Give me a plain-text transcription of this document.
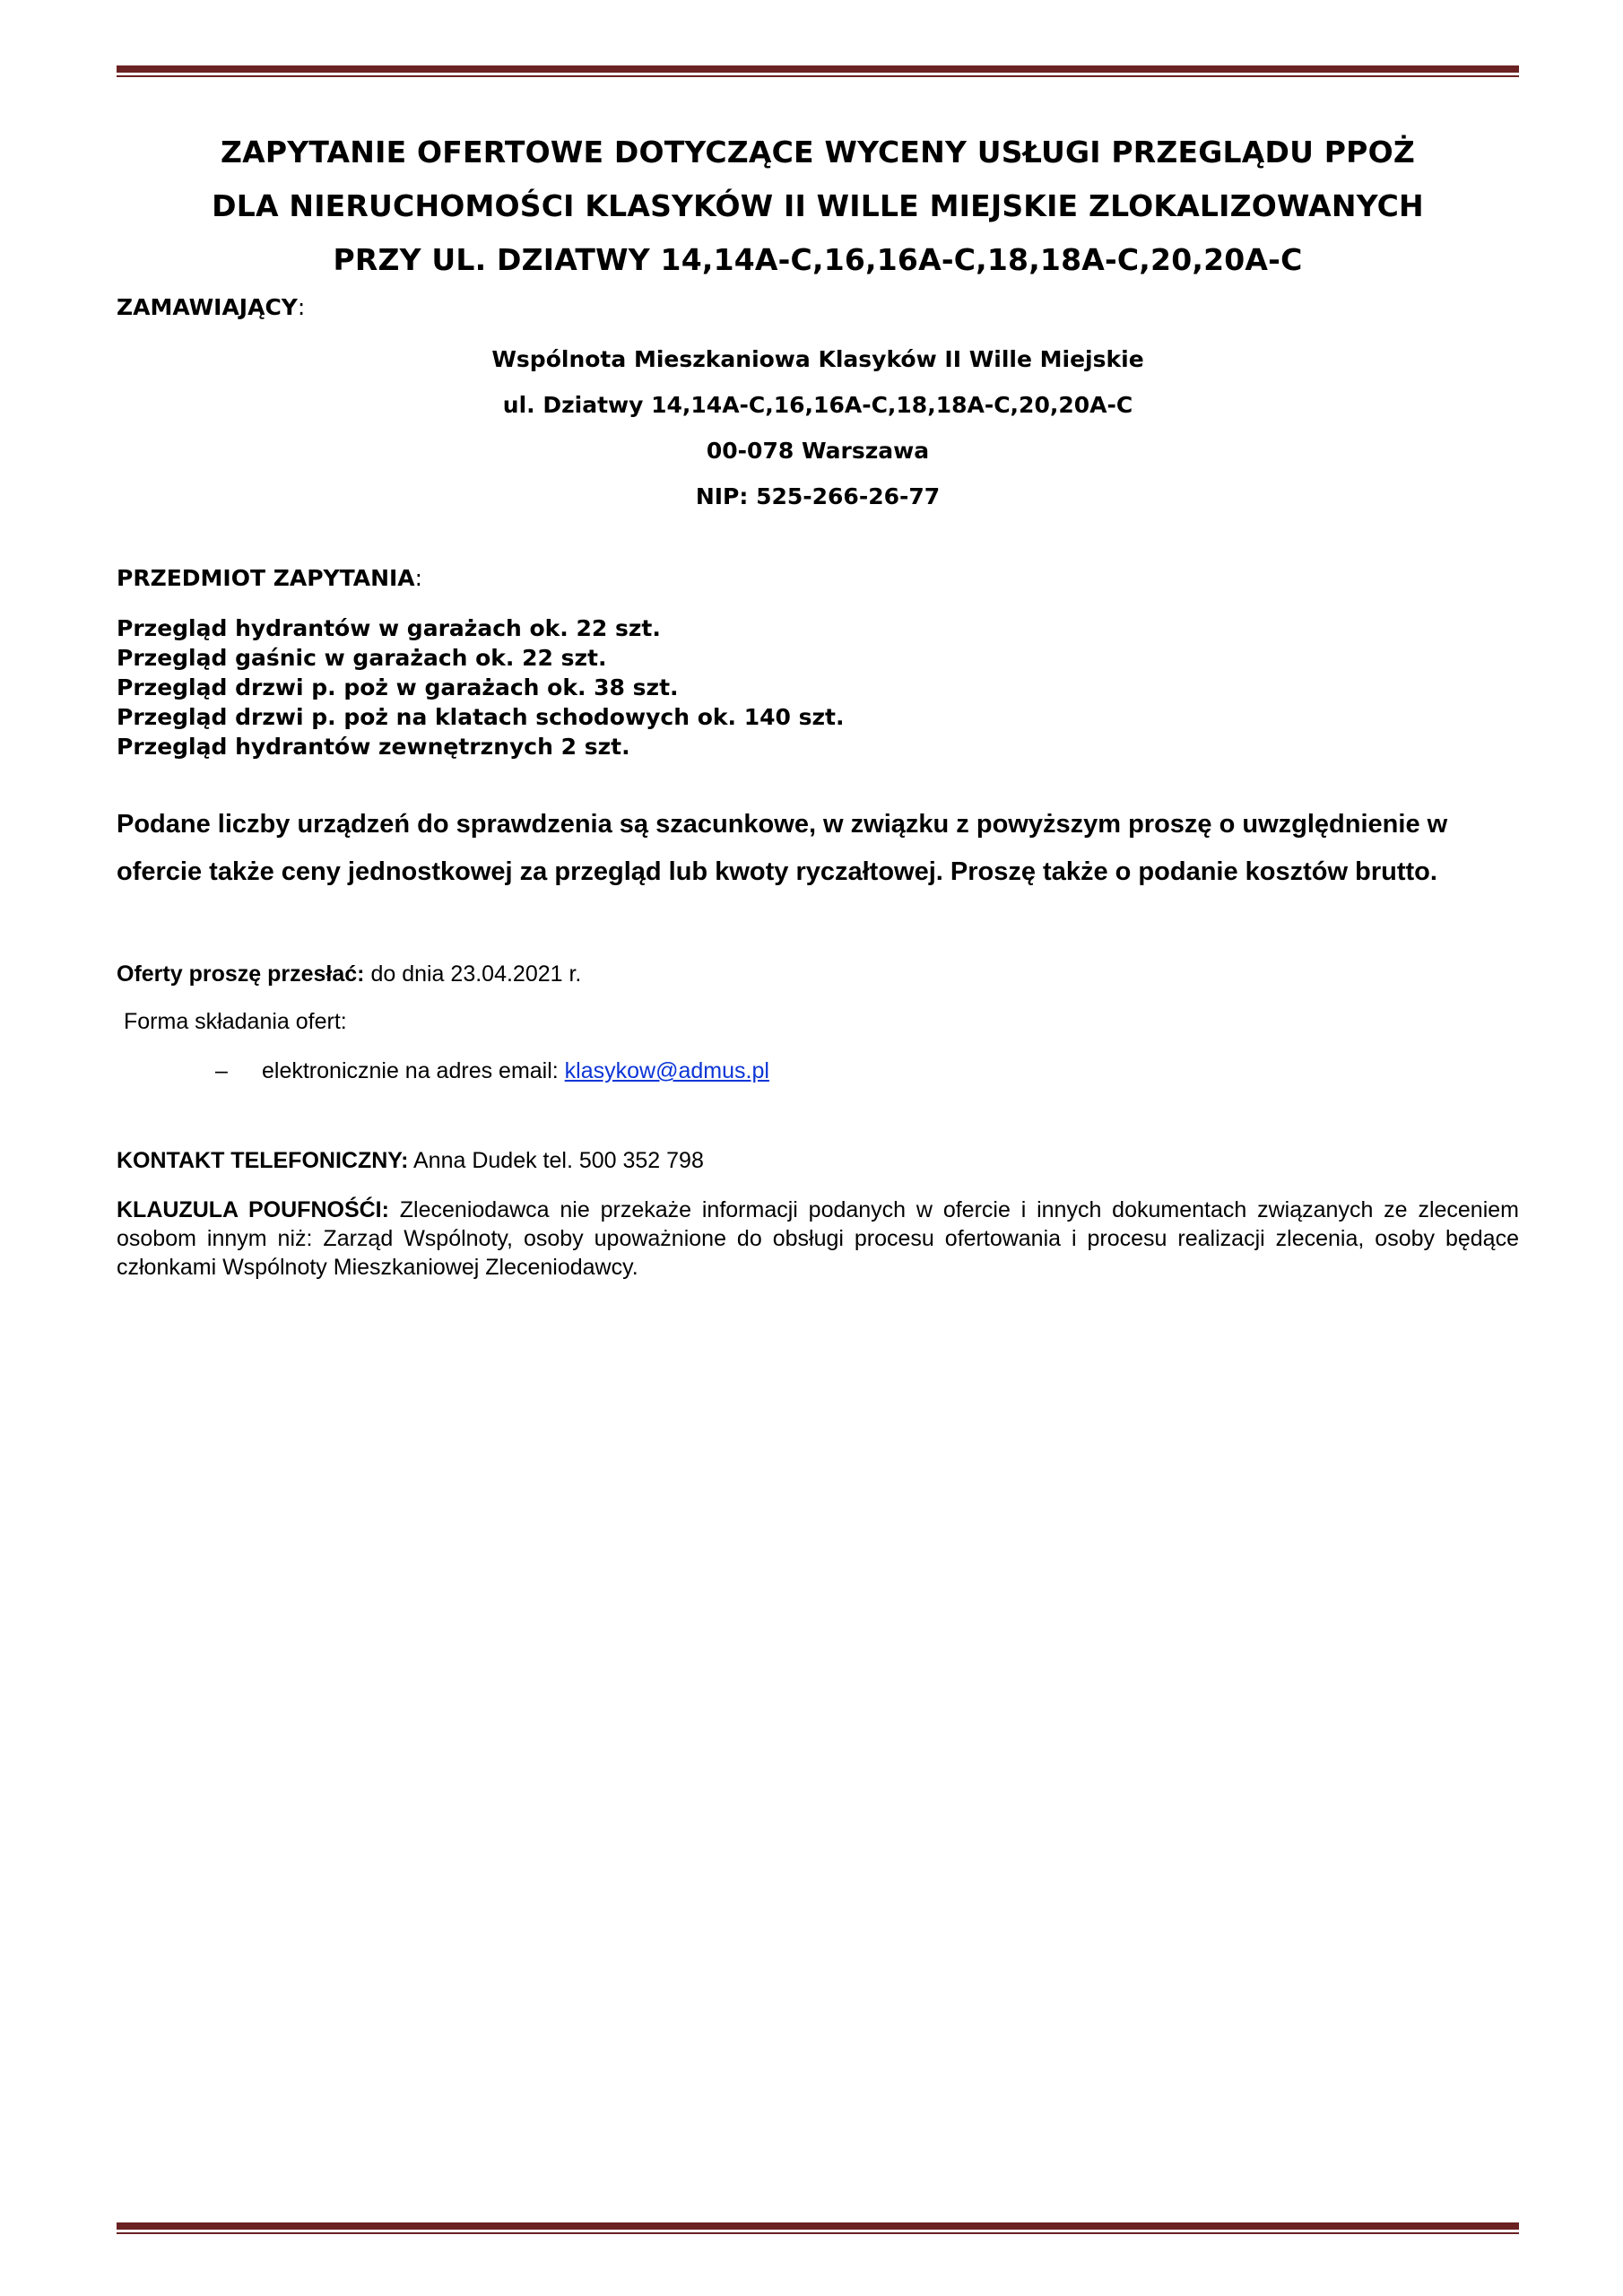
ZAPYTANIE OFERTOWE DOTYCZĄCE WYCENY USŁUGI PRZEGLĄDU PPOŻ
DLA NIERUCHOMOŚCI KLASYKÓW II WILLE MIEJSKIE ZLOKALIZOWANYCH
PRZY UL. DZIATWY 14,14A-C,16,16A-C,18,18A-C,20,20A-C
ZAMAWIAJĄCY:
Wspólnota Mieszkaniowa Klasyków II Wille Miejskie
ul. Dziatwy 14,14A-C,16,16A-C,18,18A-C,20,20A-C
00-078 Warszawa
NIP: 525-266-26-77
PRZEDMIOT ZAPYTANIA:
Przegląd hydrantów w garażach ok. 22 szt.
Przegląd gaśnic w garażach ok. 22 szt.
Przegląd drzwi p. poż w garażach ok. 38 szt.
Przegląd drzwi p. poż na klatach schodowych ok. 140 szt.
Przegląd hydrantów zewnętrznych 2 szt.
Podane liczby urządzeń do sprawdzenia są szacunkowe, w związku z powyższym proszę o uwzględnienie w
ofercie także ceny jednostkowej za przegląd lub kwoty ryczałtowej. Proszę także o podanie kosztów brutto.
Oferty proszę przesłać: do dnia 23.04.2021 r.
Forma składania ofert:
– elektronicznie na adres email: klasykow@admus.pl
KONTAKT TELEFONICZNY: Anna Dudek tel. 500 352 798
KLAUZULA POUFNOŚĆI: Zleceniodawca nie przekaże informacji podanych w ofercie i innych dokumentach związanych ze zleceniem osobom innym niż: Zarząd Wspólnoty, osoby upoważnione do obsługi procesu ofertowania i procesu realizacji zlecenia, osoby będące członkami Wspólnoty Mieszkaniowej Zleceniodawcy.
